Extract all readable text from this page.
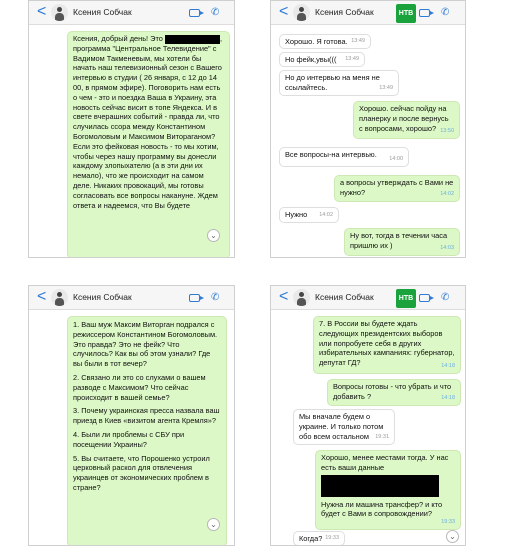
<	Ксения Собчак	✆
Ксения, добрый день! Это	, программа "Центральное Телевидение" с Вадимом Такменевым, мы хотели бы начать наш телевизионный сезон с Вашего интервью в студии ( 26 января, с 12 до 14 00, в прямом эфире). Поговорить нам есть о чем - это и поездка Ваша в Украину, эта новость сейчас висит в топе Яндекса. И в свете вчерашних событий - правда ли, что случилась ссора между Константином Богомоловым и Максимом Витораганом? Если это фейковая новость - то мы хотим, чтобы через нашу программу вы донесли каждому злопыхателю (а в эти дни их немало), что же происходит на самом деле. Никаких провокаций, мы готовы согласовать все вопросы накануне. Ждем ответа и надеемся, что Вы будете
⌄
<	Ксения Собчак	НТВ	✆
Хорошо. Я готова. 13:49
Но фейк,увы((( 13:49
Но до интервью на меня не ссылайтесь.	13:49
Хорошо. сейчас пойду на планерку и после вернусь с вопросами, хорошо? 13:50
Все вопросы-на интервью.
14:00
а вопросы утверждать с Вами не нужно?	14:02
Нужно 14:02
Ну вот, тогда в течении часа пришлю их )	14:03
<	Ксения Собчак	✆
1. Ваш муж Максим Виторган подрался с режиссером Константином Богомоловым. Это правда? Это не фейк? Что случилось? Как вы об этом узнали? Где вы были в тот вечер?
2. Связано ли это со слухами о вашем разводе с Максимом? Что сейчас происходит в вашей семье?
3. Почему украинская пресса назвала ваш приезд в Киев «визитом агента Кремля»?
4. Были ли проблемы с СБУ при посещении Украины?
5. Вы считаете, что Порошенко устроил церковный раскол для отвлечения украинцев от экономических проблем в стране?
⌄
<	Ксения Собчак	НТВ	✆
7. В России вы будете ждать следующих президентских выборов или попробуете себя в других избирательных кампаниях: губернатор, депутат ГД?	14:18
Вопросы готовы - что убрать и что добавить ?	14:18
Мы вначале будем о украине. И только потом обо всем остальном 19:31
Хорошо, менее местами тогда. У нас есть ваши данные
Нужна ли машина трансфер? и кто будет с Вами в сопровождении?
19:33
Когда? 19:33	⌄
